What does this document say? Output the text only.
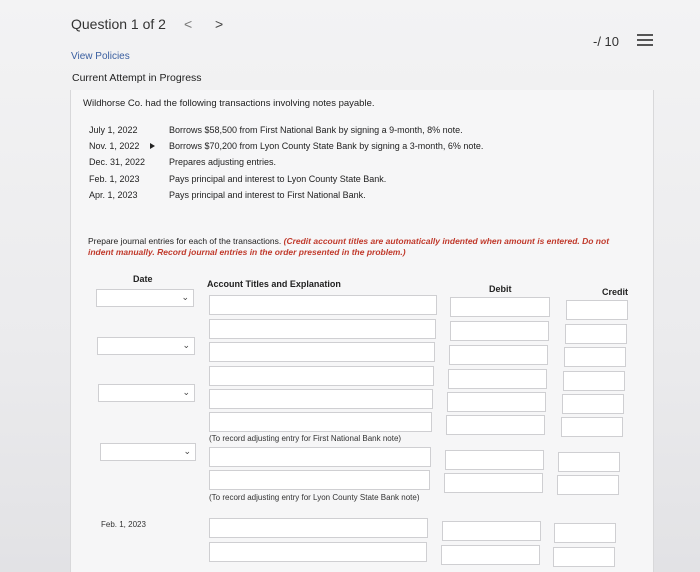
Question 1 of 2 < >
-/ 10
View Policies
Current Attempt in Progress
Wildhorse Co. had the following transactions involving notes payable.
July 1, 2022	Borrows $58,500 from First National Bank by signing a 9-month, 8% note.
Nov. 1, 2022	Borrows $70,200 from Lyon County State Bank by signing a 3-month, 6% note.
Dec. 31, 2022	Prepares adjusting entries.
Feb. 1, 2023	Pays principal and interest to Lyon County State Bank.
Apr. 1, 2023	Pays principal and interest to First National Bank.
Prepare journal entries for each of the transactions. (Credit account titles are automatically indented when amount is entered. Do not indent manually. Record journal entries in the order presented in the problem.)
Date	Account Titles and Explanation	Debit	Credit
⌄
⌄
⌄
(To record adjusting entry for First National Bank note)
⌄
(To record adjusting entry for Lyon County State Bank note)
Feb. 1, 2023
